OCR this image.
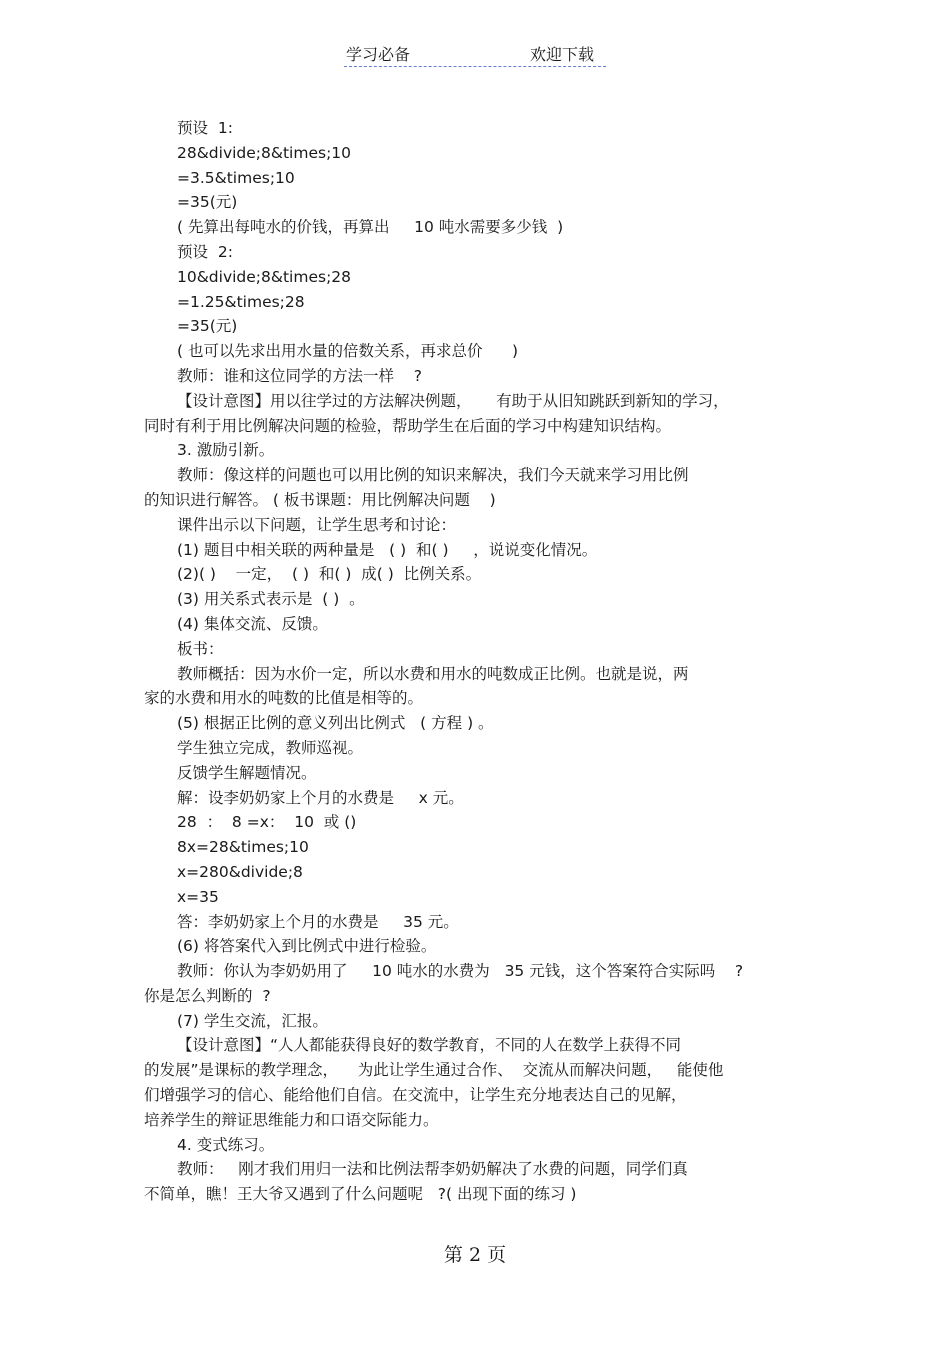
学习必备	欢迎下载
预设  1:
28&divide;8&times;10
=3.5&times;10
=35(元)
( 先算出每吨水的价钱，再算出     10 吨水需要多少钱  )
预设  2:
10&divide;8&times;28
=1.25&times;28
=35(元)
( 也可以先求出用水量的倍数关系，再求总价      )
教师：谁和这位同学的方法一样    ?
【设计意图】用以往学过的方法解决例题，     有助于从旧知跳跃到新知的学习，
同时有利于用比例解决问题的检验，帮助学生在后面的学习中构建知识结构。
3. 激励引新。
教师：像这样的问题也可以用比例的知识来解决，我们今天就来学习用比例
的知识进行解答。 ( 板书课题：用比例解决问题    )
课件出示以下问题，让学生思考和讨论：
(1) 题目中相关联的两种量是   ( )  和( )     ，说说变化情况。
(2)( )    一定，  ( )  和( )  成( )  比例关系。
(3) 用关系式表示是  ( )  。
(4) 集体交流、反馈。
板书：
教师概括：因为水价一定，所以水费和用水的吨数成正比例。也就是说，两
家的水费和用水的吨数的比值是相等的。
(5) 根据正比例的意义列出比例式   ( 方程 ) 。
学生独立完成，教师巡视。
反馈学生解题情况。
解：设李奶奶家上个月的水费是     x 元。
28  ：  8 =x：  10  或 ()
8x=28&times;10
x=280&divide;8
x=35
答：李奶奶家上个月的水费是     35 元。
(6) 将答案代入到比例式中进行检验。
教师：你认为李奶奶用了     10 吨水的水费为   35 元钱，这个答案符合实际吗    ?
你是怎么判断的  ?
(7) 学生交流，汇报。
【设计意图】“人人都能获得良好的数学教育，不同的人在数学上获得不同
的发展”是课标的教学理念，    为此让学生通过合作、  交流从而解决问题，   能使他
们增强学习的信心、能给他们自信。在交流中，让学生充分地表达自己的见解，
培养学生的辩证思维能力和口语交际能力。
4. 变式练习。
教师：   刚才我们用归一法和比例法帮李奶奶解决了水费的问题，同学们真
不简单，瞧！王大爷又遇到了什么问题呢   ?( 出现下面的练习 )
第 2 页
